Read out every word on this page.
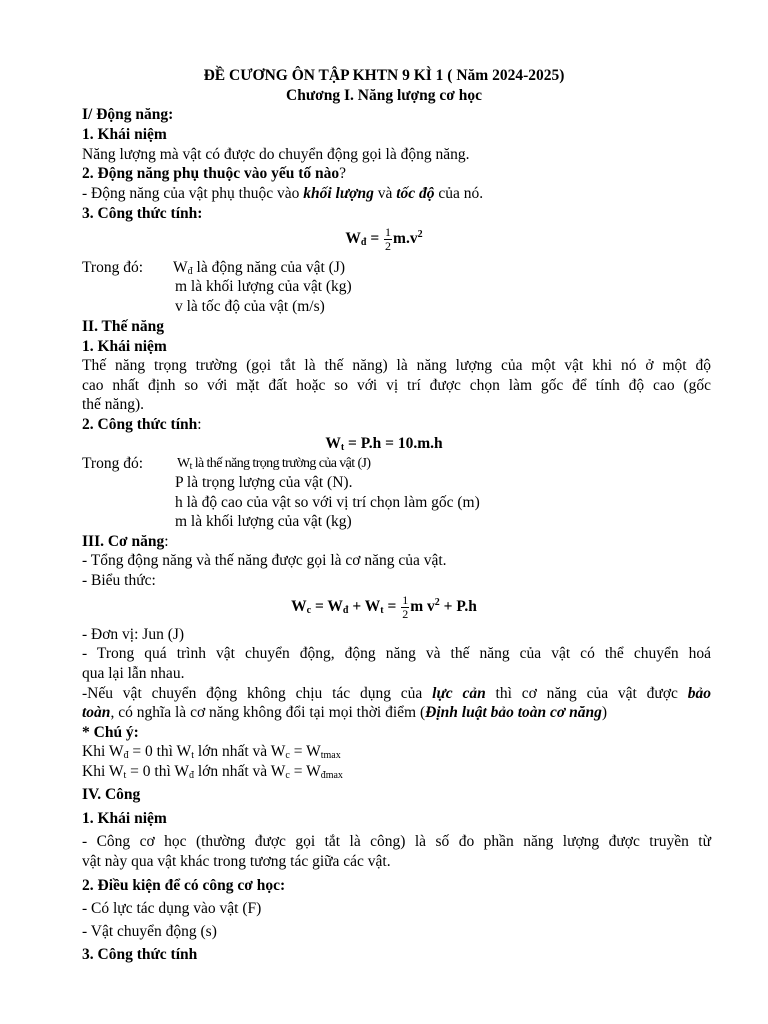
ĐỀ CƯƠNG ÔN TẬP KHTN 9 KÌ 1 ( Năm 2024-2025)
Chương I. Năng lượng cơ học
I/ Động năng:
1. Khái niệm
Năng lượng mà vật có được do chuyển động gọi là động năng.
2. Động năng phụ thuộc vào yếu tố nào?
- Động năng của vật phụ thuộc vào khối lượng và tốc độ của nó.
3. Công thức tính:
$W_đ = \frac{1}{2} m.v^2$
Trong đó:	$W_đ$ là động năng của vật (J)
m là khối lượng của vật (kg)
v là tốc độ của vật (m/s)
II. Thế năng
1. Khái niệm
Thế năng trọng trường (gọi tắt là thế năng) là năng lượng của một vật khi nó ở một độ
cao nhất định so với mặt đất hoặc so với vị trí được chọn làm gốc để tính độ cao (gốc
thế năng).
2. Công thức tính:
$W_t = P.h = 10.m.h$
Trong đó:	$W_t$ là thế năng trọng trường của vật (J)
P là trọng lượng của vật (N).
h là độ cao của vật so với vị trí chọn làm gốc (m)
m là khối lượng của vật (kg)
III. Cơ năng:
- Tổng động năng và thế năng được gọi là cơ năng của vật.
- Biểu thức:
$W_c = W_đ + W_t = \frac{1}{2}$ m $v^2 + P.h$
- Đơn vị: Jun (J)
- Trong quá trình vật chuyển động, động năng và thế năng của vật có thể chuyển hoá
qua lại lẫn nhau.
-Nếu vật chuyển động không chịu tác dụng của lực cản thì cơ năng của vật được bảo
toàn, có nghĩa là cơ năng không đổi tại mọi thời điểm (Định luật bảo toàn cơ năng)
* Chú ý:
Khi $W_đ = 0$ thì $W_t$ lớn nhất và $W_c = W_{tmax}$
Khi $W_t = 0$ thì $W_đ$ lớn nhất và $W_c = W_{đmax}$
IV. Công
1. Khái niệm
- Công cơ học (thường được gọi tắt là công) là số đo phần năng lượng được truyền từ
vật này qua vật khác trong tương tác giữa các vật.
2. Điều kiện để có công cơ học:
- Có lực tác dụng vào vật (F)
- Vật chuyển động (s)
3. Công thức tính
